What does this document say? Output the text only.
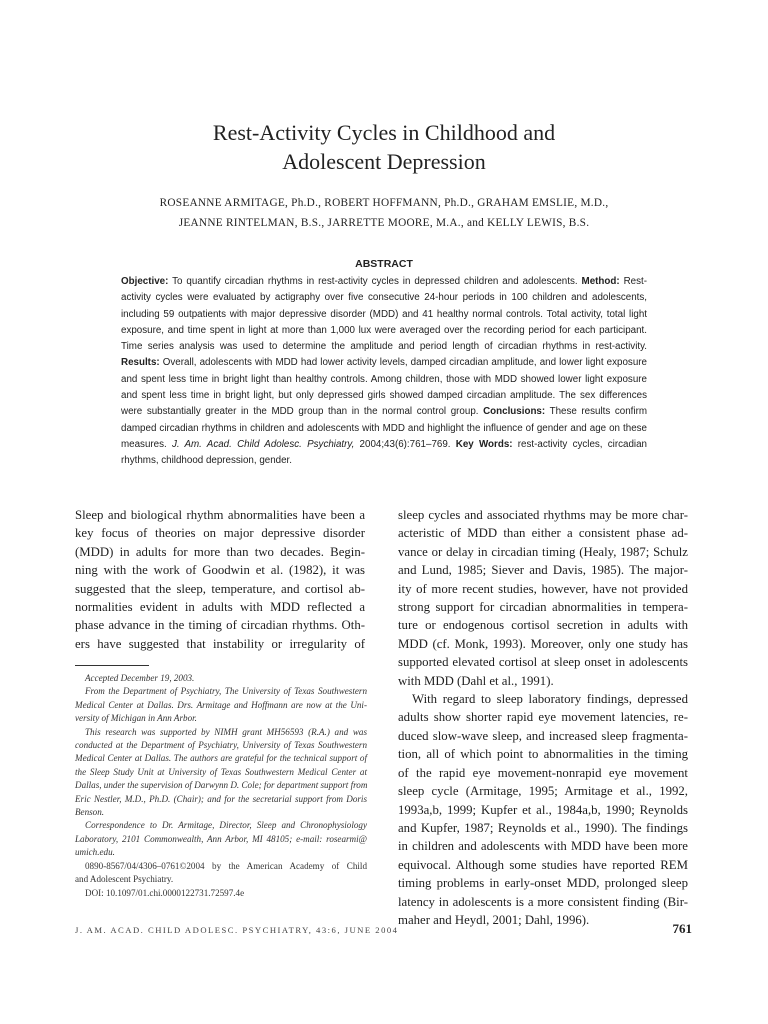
Rest-Activity Cycles in Childhood and
Adolescent Depression
ROSEANNE ARMITAGE, Ph.D., ROBERT HOFFMANN, Ph.D., GRAHAM EMSLIE, M.D.,
JEANNE RINTELMAN, B.S., JARRETTE MOORE, M.A., and KELLY LEWIS, B.S.
ABSTRACT
Objective: To quantify circadian rhythms in rest-activity cycles in depressed children and adolescents. Method: Rest-
activity cycles were evaluated by actigraphy over five consecutive 24-hour periods in 100 children and adolescents,
including 59 outpatients with major depressive disorder (MDD) and 41 healthy normal controls. Total activity, total light
exposure, and time spent in light at more than 1,000 lux were averaged over the recording period for each participant.
Time series analysis was used to determine the amplitude and period length of circadian rhythms in rest-activity.
Results: Overall, adolescents with MDD had lower activity levels, damped circadian amplitude, and lower light exposure
and spent less time in bright light than healthy controls. Among children, those with MDD showed lower light exposure
and spent less time in bright light, but only depressed girls showed damped circadian amplitude. The sex differences
were substantially greater in the MDD group than in the normal control group. Conclusions: These results confirm
damped circadian rhythms in children and adolescents with MDD and highlight the influence of gender and age on these
measures. J. Am. Acad. Child Adolesc. Psychiatry, 2004;43(6):761–769. Key Words: rest-activity cycles, circadian
rhythms, childhood depression, gender.
Sleep and biological rhythm abnormalities have been a
key focus of theories on major depressive disorder
(MDD) in adults for more than two decades. Begin-
ning with the work of Goodwin et al. (1982), it was
suggested that the sleep, temperature, and cortisol ab-
normalities evident in adults with MDD reflected a
phase advance in the timing of circadian rhythms. Oth-
ers have suggested that instability or irregularity of
Accepted December 19, 2003.
From the Department of Psychiatry, The University of Texas Southwestern
Medical Center at Dallas. Drs. Armitage and Hoffmann are now at the Uni-
versity of Michigan in Ann Arbor.
This research was supported by NIMH grant MH56593 (R.A.) and was
conducted at the Department of Psychiatry, University of Texas Southwestern
Medical Center at Dallas. The authors are grateful for the technical support of
the Sleep Study Unit at University of Texas Southwestern Medical Center at
Dallas, under the supervision of Darwynn D. Cole; for department support from
Eric Nestler, M.D., Ph.D. (Chair); and for the secretarial support from Doris
Benson.
Correspondence to Dr. Armitage, Director, Sleep and Chronophysiology
Laboratory, 2101 Commonwealth, Ann Arbor, MI 48105; e-mail: rosearmi@
umich.edu.
0890-8567/04/4306–0761©2004 by the American Academy of Child
and Adolescent Psychiatry.
DOI: 10.1097/01.chi.0000122731.72597.4e
sleep cycles and associated rhythms may be more char-
acteristic of MDD than either a consistent phase ad-
vance or delay in circadian timing (Healy, 1987; Schulz
and Lund, 1985; Siever and Davis, 1985). The major-
ity of more recent studies, however, have not provided
strong support for circadian abnormalities in tempera-
ture or endogenous cortisol secretion in adults with
MDD (cf. Monk, 1993). Moreover, only one study has
supported elevated cortisol at sleep onset in adolescents
with MDD (Dahl et al., 1991).
With regard to sleep laboratory findings, depressed
adults show shorter rapid eye movement latencies, re-
duced slow-wave sleep, and increased sleep fragmenta-
tion, all of which point to abnormalities in the timing
of the rapid eye movement-nonrapid eye movement
sleep cycle (Armitage, 1995; Armitage et al., 1992,
1993a,b, 1999; Kupfer et al., 1984a,b, 1990; Reynolds
and Kupfer, 1987; Reynolds et al., 1990). The findings
in children and adolescents with MDD have been more
equivocal. Although some studies have reported REM
timing problems in early-onset MDD, prolonged sleep
latency in adolescents is a more consistent finding (Bir-
maher and Heydl, 2001; Dahl, 1996).
J. AM. ACAD. CHILD ADOLESC. PSYCHIATRY, 43:6, JUNE 2004	761
